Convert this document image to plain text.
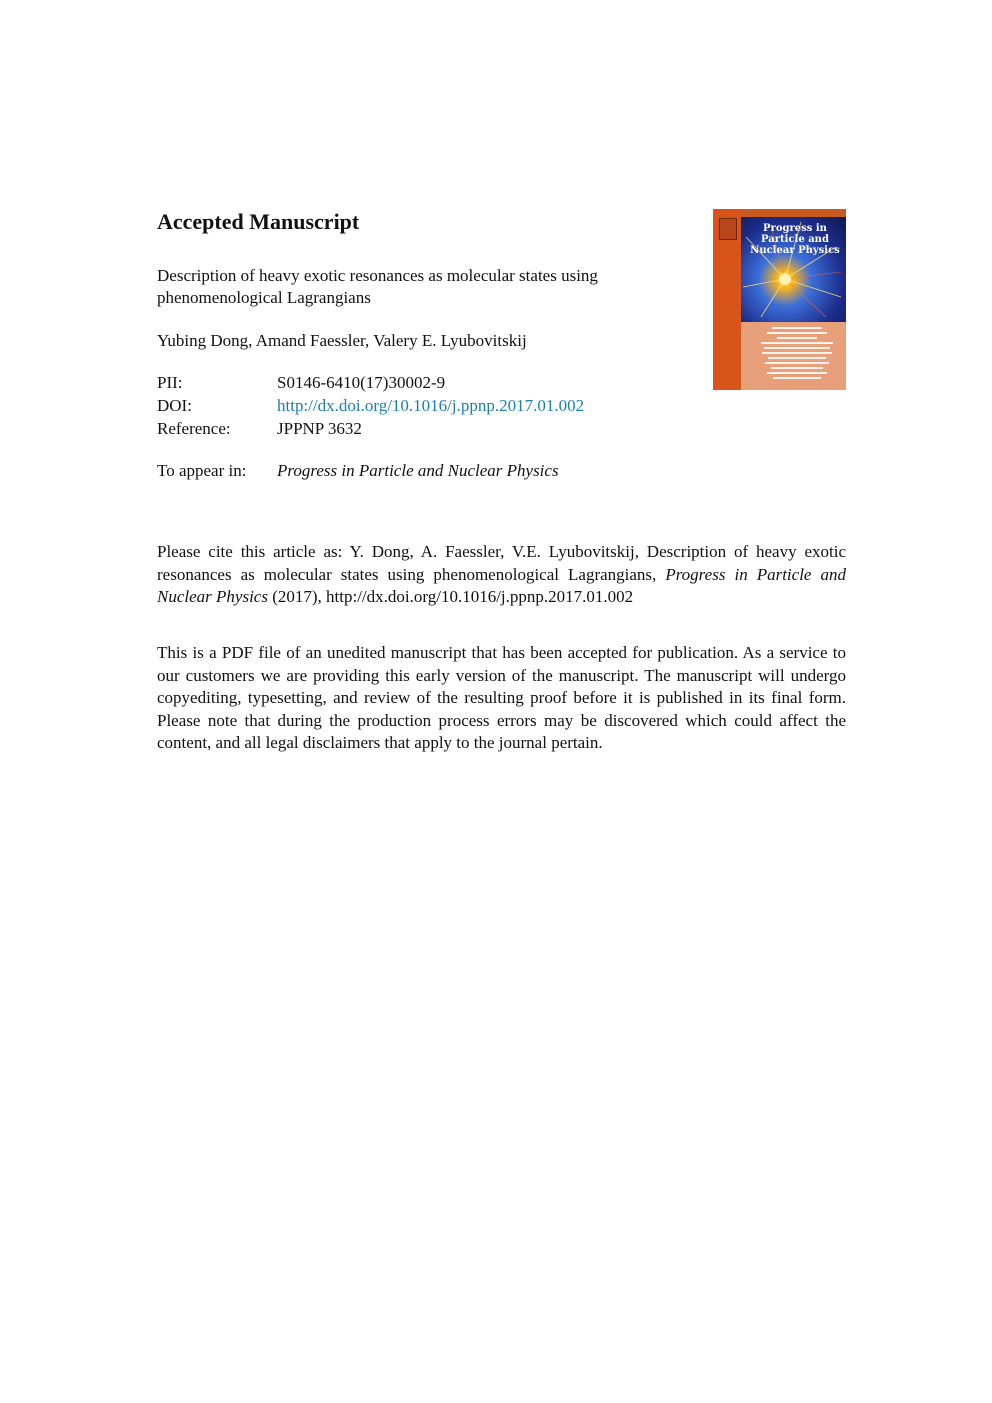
Accepted Manuscript
Description of heavy exotic resonances as molecular states using phenomenological Lagrangians
Yubing Dong, Amand Faessler, Valery E. Lyubovitskij
PII:	S0146-6410(17)30002-9
DOI:	http://dx.doi.org/10.1016/j.ppnp.2017.01.002
Reference:	JPPNP 3632
To appear in:	Progress in Particle and Nuclear Physics
Please cite this article as: Y. Dong, A. Faessler, V.E. Lyubovitskij, Description of heavy exotic resonances as molecular states using phenomenological Lagrangians, Progress in Particle and Nuclear Physics (2017), http://dx.doi.org/10.1016/j.ppnp.2017.01.002
This is a PDF file of an unedited manuscript that has been accepted for publication. As a service to our customers we are providing this early version of the manuscript. The manuscript will undergo copyediting, typesetting, and review of the resulting proof before it is published in its final form. Please note that during the production process errors may be discovered which could affect the content, and all legal disclaimers that apply to the journal pertain.
Progress in Particle and Nuclear Physics
